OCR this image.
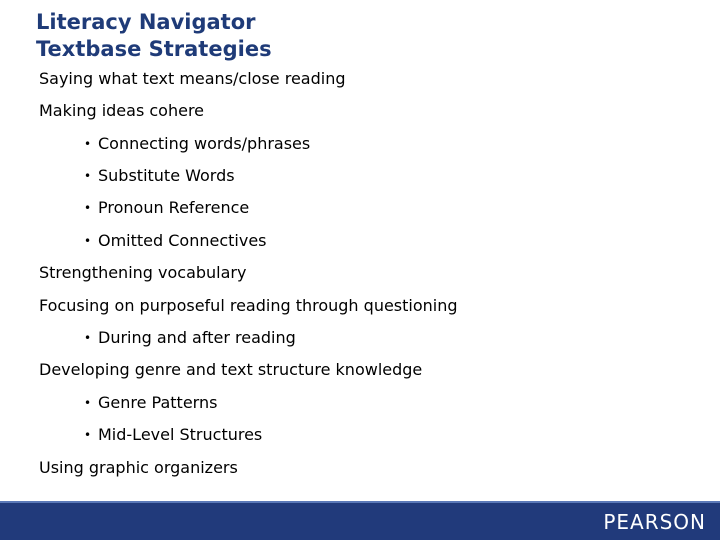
Literacy Navigator
Textbase Strategies
Saying what text means/close reading
Making ideas cohere
• Connecting words/phrases
• Substitute Words
• Pronoun Reference
• Omitted Connectives
Strengthening vocabulary
Focusing on purposeful reading through questioning
• During and after reading
Developing genre and text structure knowledge
• Genre Patterns
• Mid-Level Structures
Using graphic organizers
PEARSON
